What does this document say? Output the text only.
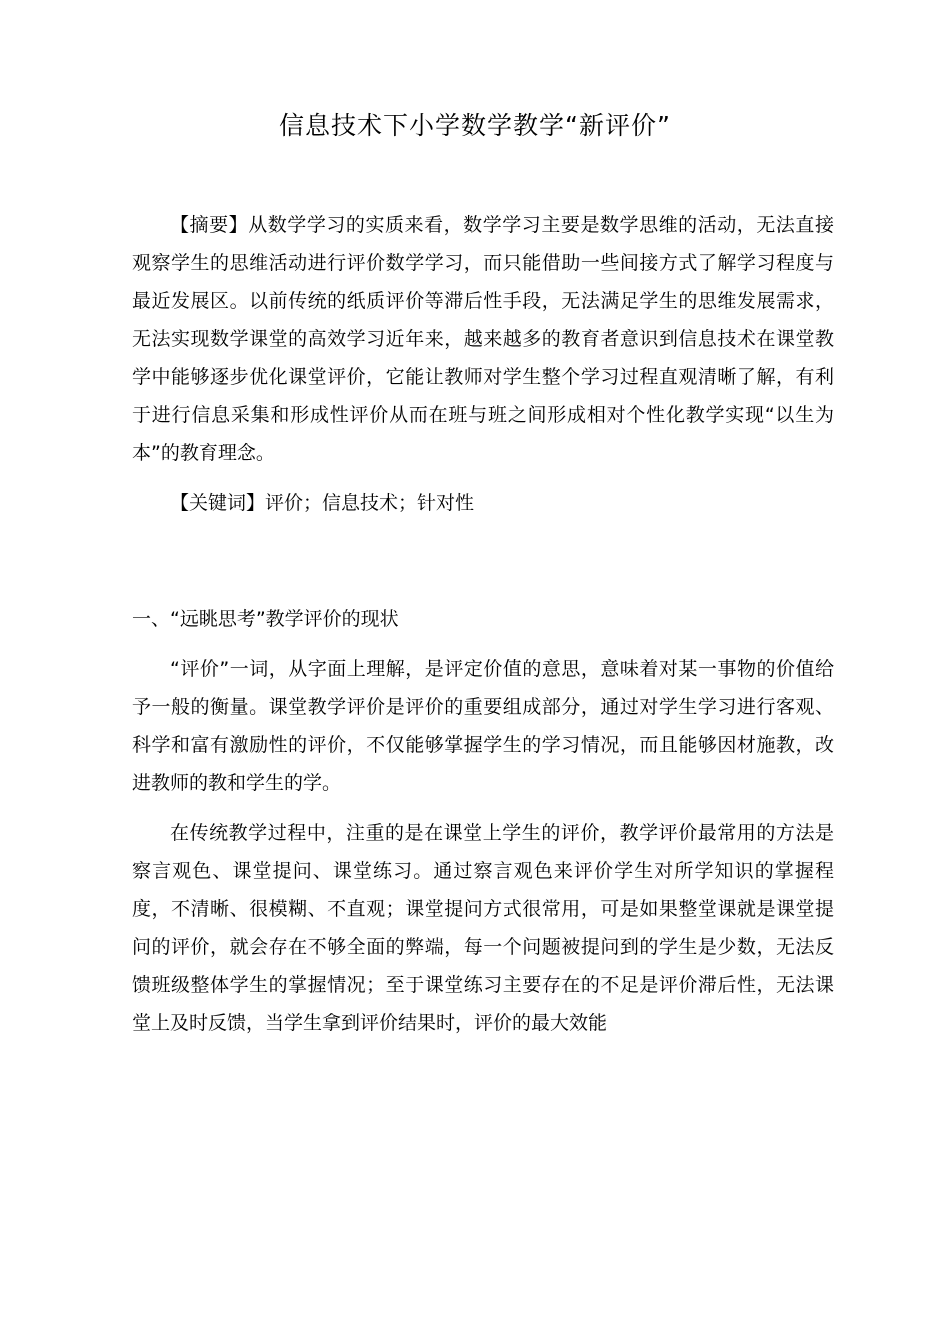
信息技术下小学数学教学“新评价”

【摘要】从数学学习的实质来看，数学学习主要是数学思维的活动，无法直接观察学生的思维活动进行评价数学学习，而只能借助一些间接方式了解学习程度与最近发展区。以前传统的纸质评价等滞后性手段，无法满足学生的思维发展需求，无法实现数学课堂的高效学习近年来，越来越多的教育者意识到信息技术在课堂教学中能够逐步优化课堂评价，它能让教师对学生整个学习过程直观清晰了解，有利于进行信息采集和形成性评价从而在班与班之间形成相对个性化教学实现“以生为本”的教育理念。

【关键词】评价；信息技术；针对性

一、“远眺思考”教学评价的现状

“评价”一词，从字面上理解，是评定价值的意思，意味着对某一事物的价值给予一般的衡量。课堂教学评价是评价的重要组成部分，通过对学生学习进行客观、科学和富有激励性的评价，不仅能够掌握学生的学习情况，而且能够因材施教，改进教师的教和学生的学。

在传统教学过程中，注重的是在课堂上学生的评价，教学评价最常用的方法是察言观色、课堂提问、课堂练习。通过察言观色来评价学生对所学知识的掌握程度，不清晰、很模糊、不直观；课堂提问方式很常用，可是如果整堂课就是课堂提问的评价，就会存在不够全面的弊端，每一个问题被提问到的学生是少数，无法反馈班级整体学生的掌握情况；至于课堂练习主要存在的不足是评价滞后性，无法课堂上及时反馈，当学生拿到评价结果时，评价的最大效能
